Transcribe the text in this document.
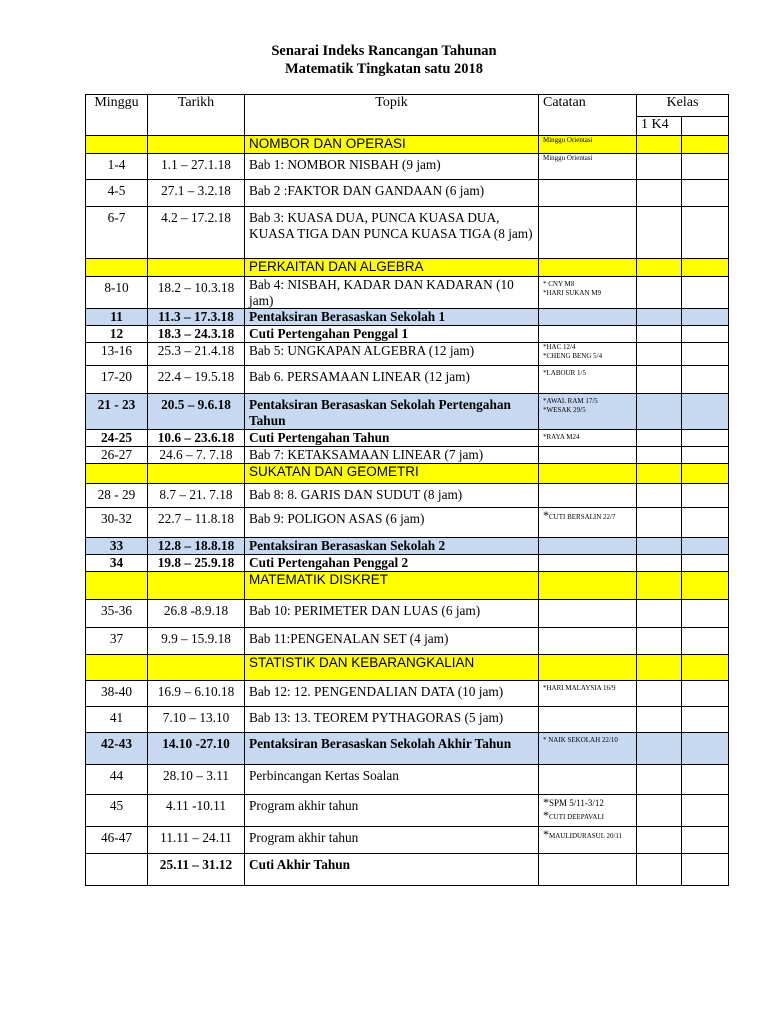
Senarai Indeks Rancangan Tahunan
Matematik Tingkatan satu 2018
Minggu	Tarikh	Topik	Catatan	Kelas	
				1 K4	
		NOMBOR DAN OPERASI	Minggu Orientasi		
1-4	1.1 – 27.1.18	Bab 1: NOMBOR NISBAH (9 jam)	Minggu Orientasi		
4-5	27.1 – 3.2.18	Bab 2 :FAKTOR DAN GANDAAN (6 jam)			
6-7	4.2 – 17.2.18	Bab 3: KUASA DUA, PUNCA KUASA DUA, KUASA TIGA DAN PUNCA KUASA TIGA (8 jam)			
		PERKAITAN DAN ALGEBRA			
8-10	18.2 – 10.3.18	Bab 4: NISBAH, KADAR DAN KADARAN (10 jam)	* CNY M8
*HARI SUKAN M9		

11	11.3 – 17.3.18	Pentaksiran Berasaskan Sekolah 1			
12	18.3 – 24.3.18	Cuti Pertengahan Penggal 1			
13-16	25.3 – 21.4.18	Bab 5: UNGKAPAN ALGEBRA (12 jam)	*HAC 12/4
*CHENG BENG 5/4		

17-20	22.4 – 19.5.18	Bab 6. PERSAMAAN LINEAR (12 jam)	*LABOUR 1/5		
21 - 23	20.5 – 9.6.18	Pentaksiran Berasaskan Sekolah Pertengahan Tahun	*AWAL RAM 17/5
*WESAK 29/5		

24-25	10.6 – 23.6.18	Cuti Pertengahan Tahun	*RAYA M24		
26-27	24.6 – 7. 7.18	Bab 7: KETAKSAMAAN LINEAR (7 jam)			
		SUKATAN DAN GEOMETRI			
28 - 29	8.7 – 21. 7.18	Bab 8: 8. GARIS DAN SUDUT (8 jam)			
30-32	22.7 – 11.8.18	Bab 9: POLIGON ASAS (6 jam)	*CUTI BERSALIN 22/7		
33	12.8 – 18.8.18	Pentaksiran Berasaskan Sekolah 2			
34	19.8 – 25.9.18	Cuti Pertengahan Penggal 2			
		MATEMATIK DISKRET			
35-36	26.8 -8.9.18	Bab 10: PERIMETER DAN LUAS (6 jam)			
37	9.9 – 15.9.18	Bab 11:PENGENALAN SET (4 jam)			
		STATISTIK DAN KEBARANGKALIAN			
38-40	16.9 – 6.10.18	Bab 12: 12. PENGENDALIAN DATA (10 jam)	*HARI MALAYSIA 16/9		
41	7.10 – 13.10	Bab 13: 13. TEOREM PYTHAGORAS (5 jam)			
42-43	14.10 -27.10	Pentaksiran Berasaskan Sekolah Akhir Tahun	* NAIK SEKOLAH 22/10		
44	28.10 – 3.11	Perbincangan Kertas Soalan			
45	4.11 -10.11	Program akhir tahun	*SPM 5/11-3/12
*CUTI DEEPAVALI		

46-47	11.11 – 24.11	Program akhir tahun	*MAULIDURASUL 20/11		
	25.11 – 31.12	Cuti Akhir Tahun			
